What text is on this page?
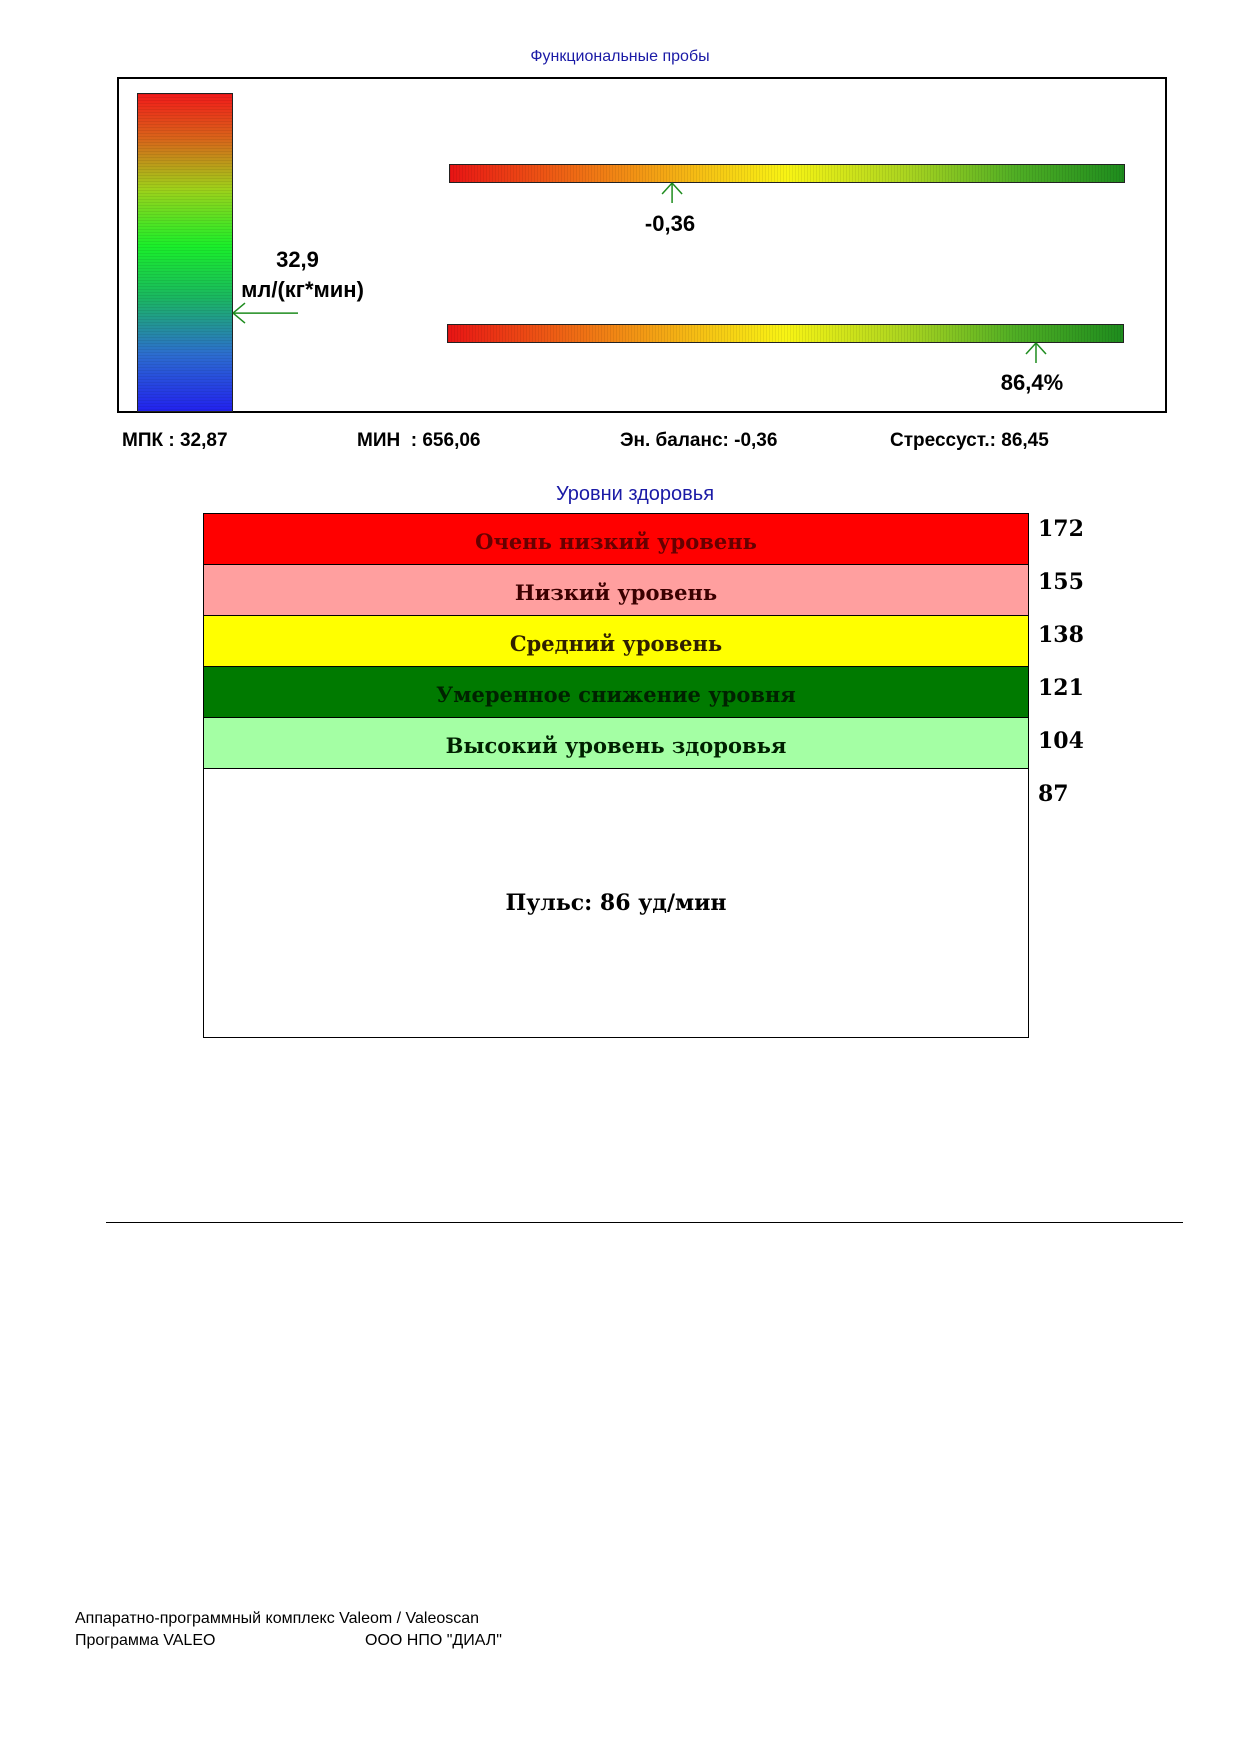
Функциональные пробы
32,9
мл/(кг*мин)
-0,36
86,4%
МПК : 32,87	МИН  : 656,06	Эн. баланс: -0,36	Стрессуст.: 86,45
Уровни здоровья
Очень низкий уровень
Низкий уровень
Средний уровень
Умеренное снижение уровня
Высокий уровень здоровья
Пульс: 86 уд/мин
172
155
138
121
104
87
Аппаратно-программный комплекс Valeom / Valeoscan
Программа VALEO	ООО НПО "ДИАЛ"
